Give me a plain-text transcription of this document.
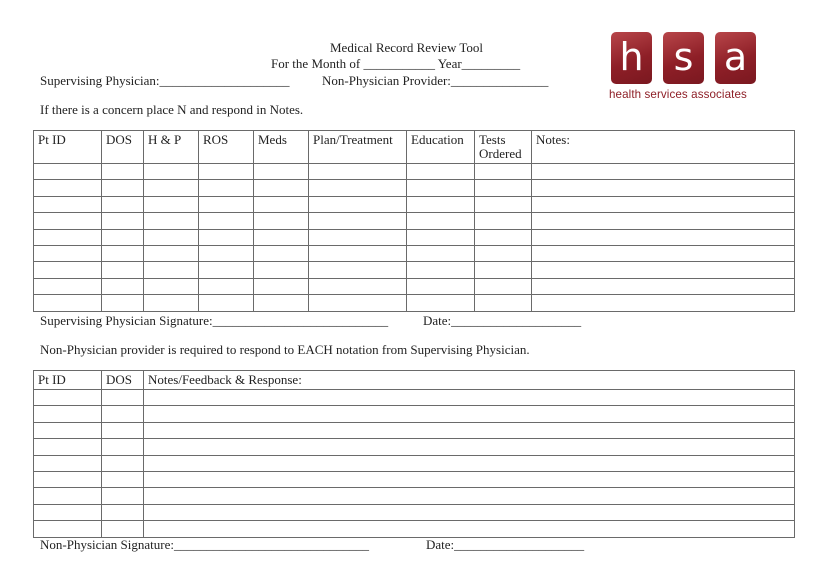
Medical Record Review Tool
For the Month of ___________ Year_________
Supervising Physician:____________________ Non-Physician Provider:_______________
If there is a concern place N and respond in Notes.
h s a
health services associates
Pt ID	DOS	H & P	ROS	Meds	Plan/Treatment	Education	Tests Ordered	Notes:

Supervising Physician Signature:___________________________	Date:____________________
Non-Physician provider is required to respond to EACH notation from Supervising Physician.
Pt ID	DOS	Notes/Feedback & Response:

Non-Physician Signature:______________________________	Date:____________________
